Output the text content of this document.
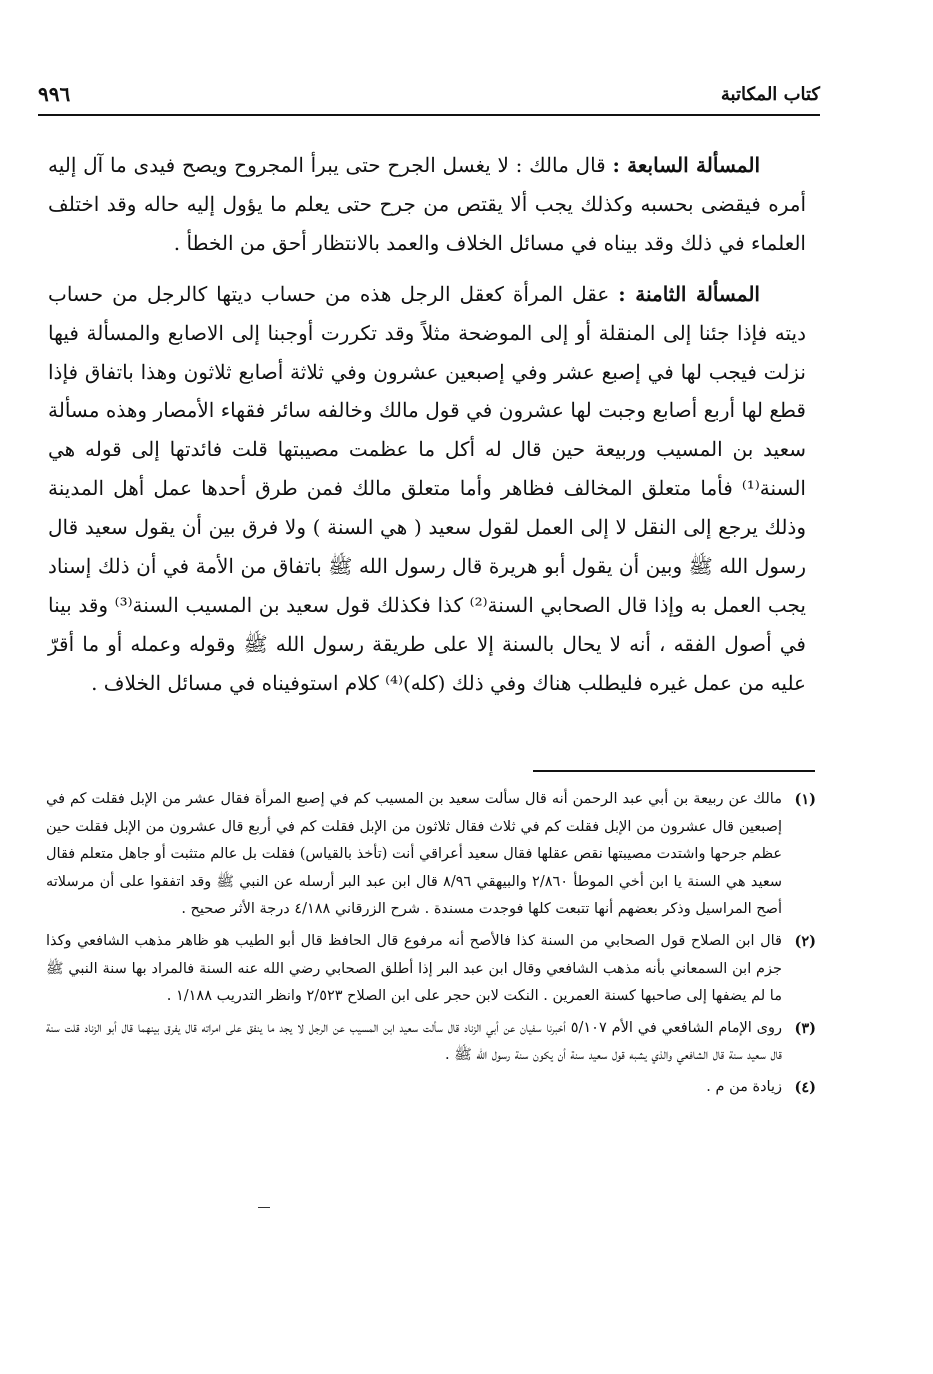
كتاب المكاتبة
٩٩٦

المسألة السابعة : قال مالك : لا يغسل الجرح حتى يبرأ المجروح ويصح فيدى ما آل إليه أمره فيقضى بحسبه وكذلك يجب ألا يقتص من جرح حتى يعلم ما يؤول إليه حاله وقد اختلف العلماء في ذلك وقد بيناه في مسائل الخلاف والعمد بالانتظار أحق من الخطأ .

المسألة الثامنة : عقل المرأة كعقل الرجل هذه من حساب ديتها كالرجل من حساب ديته فإذا جئنا إلى المنقلة أو إلى الموضحة مثلاً وقد تكررت أوجبنا إلى الاصابع والمسألة فيها نزلت فيجب لها في إصبع عشر وفي إصبعين عشرون وفي ثلاثة أصابع ثلاثون وهذا باتفاق فإذا قطع لها أربع أصابع وجبت لها عشرون في قول مالك وخالفه سائر فقهاء الأمصار وهذه مسألة سعيد بن المسيب وربيعة حين قال له أكل ما عظمت مصيبتها قلت فائدتها إلى قوله هي السنة⁽¹⁾ فأما متعلق المخالف فظاهر وأما متعلق مالك فمن طرق أحدها عمل أهل المدينة وذلك يرجع إلى النقل لا إلى العمل لقول سعيد ( هي السنة ) ولا فرق بين أن يقول سعيد قال رسول الله ﷺ وبين أن يقول أبو هريرة قال رسول الله ﷺ باتفاق من الأمة في أن ذلك إسناد يجب العمل به وإذا قال الصحابي السنة⁽²⁾ كذا فكذلك قول سعيد بن المسيب السنة⁽³⁾ وقد بينا في أصول الفقه ، أنه لا يحال بالسنة إلا على طريقة رسول الله ﷺ وقوله وعمله أو ما أقرّ عليه من عمل غيره فليطلب هناك وفي ذلك (كله)⁽⁴⁾ كلام استوفيناه في مسائل الخلاف .

(١)
مالك عن ربيعة بن أبي عبد الرحمن أنه قال سألت سعيد بن المسيب كم في إصبع المرأة فقال عشر من الإبل فقلت كم في إصبعين قال عشرون من الإبل فقلت كم في ثلاث فقال ثلاثون من الإبل فقلت كم في أربع قال عشرون من الإبل فقلت حين عظم جرحها واشتدت مصيبتها نقص عقلها فقال سعيد أعراقي أنت (تأخذ بالقياس) فقلت بل عالم متثبت أو جاهل متعلم فقال سعيد هي السنة يا ابن أخي الموطأ ٢/٨٦٠ والبيهقي ٨/٩٦ قال ابن عبد البر أرسله عن النبي ﷺ وقد اتفقوا على أن مرسلاته أصح المراسيل وذكر بعضهم أنها تتبعت كلها فوجدت مسندة . شرح الزرقاني ٤/١٨٨ درجة الأثر صحيح .
(٢)
قال ابن الصلاح قول الصحابي من السنة كذا فالأصح أنه مرفوع قال الحافظ قال أبو الطيب هو ظاهر مذهب الشافعي وكذا جزم ابن السمعاني بأنه مذهب الشافعي وقال ابن عبد البر إذا أطلق الصحابي رضي الله عنه السنة فالمراد بها سنة النبي ﷺ ما لم يضفها إلى صاحبها كسنة العمرين . النكت لابن حجر على ابن الصلاح ٢/٥٢٣ وانظر التدريب ١/١٨٨ .
(٣)
روى الإمام الشافعي في الأم ٥/١٠٧ أخبرنا سفيان عن أبي الزناد قال سألت سعيد ابن المسيب عن الرجل لا يجد ما ينفق على امراته قال يفرق بينهما قال أبو الزناد قلت سنة قال سعيد سنة قال الشافعي والذي يشبه قول سعيد سنة أن يكون سنة رسول الله ﷺ .
(٤)
زيادة من م .
